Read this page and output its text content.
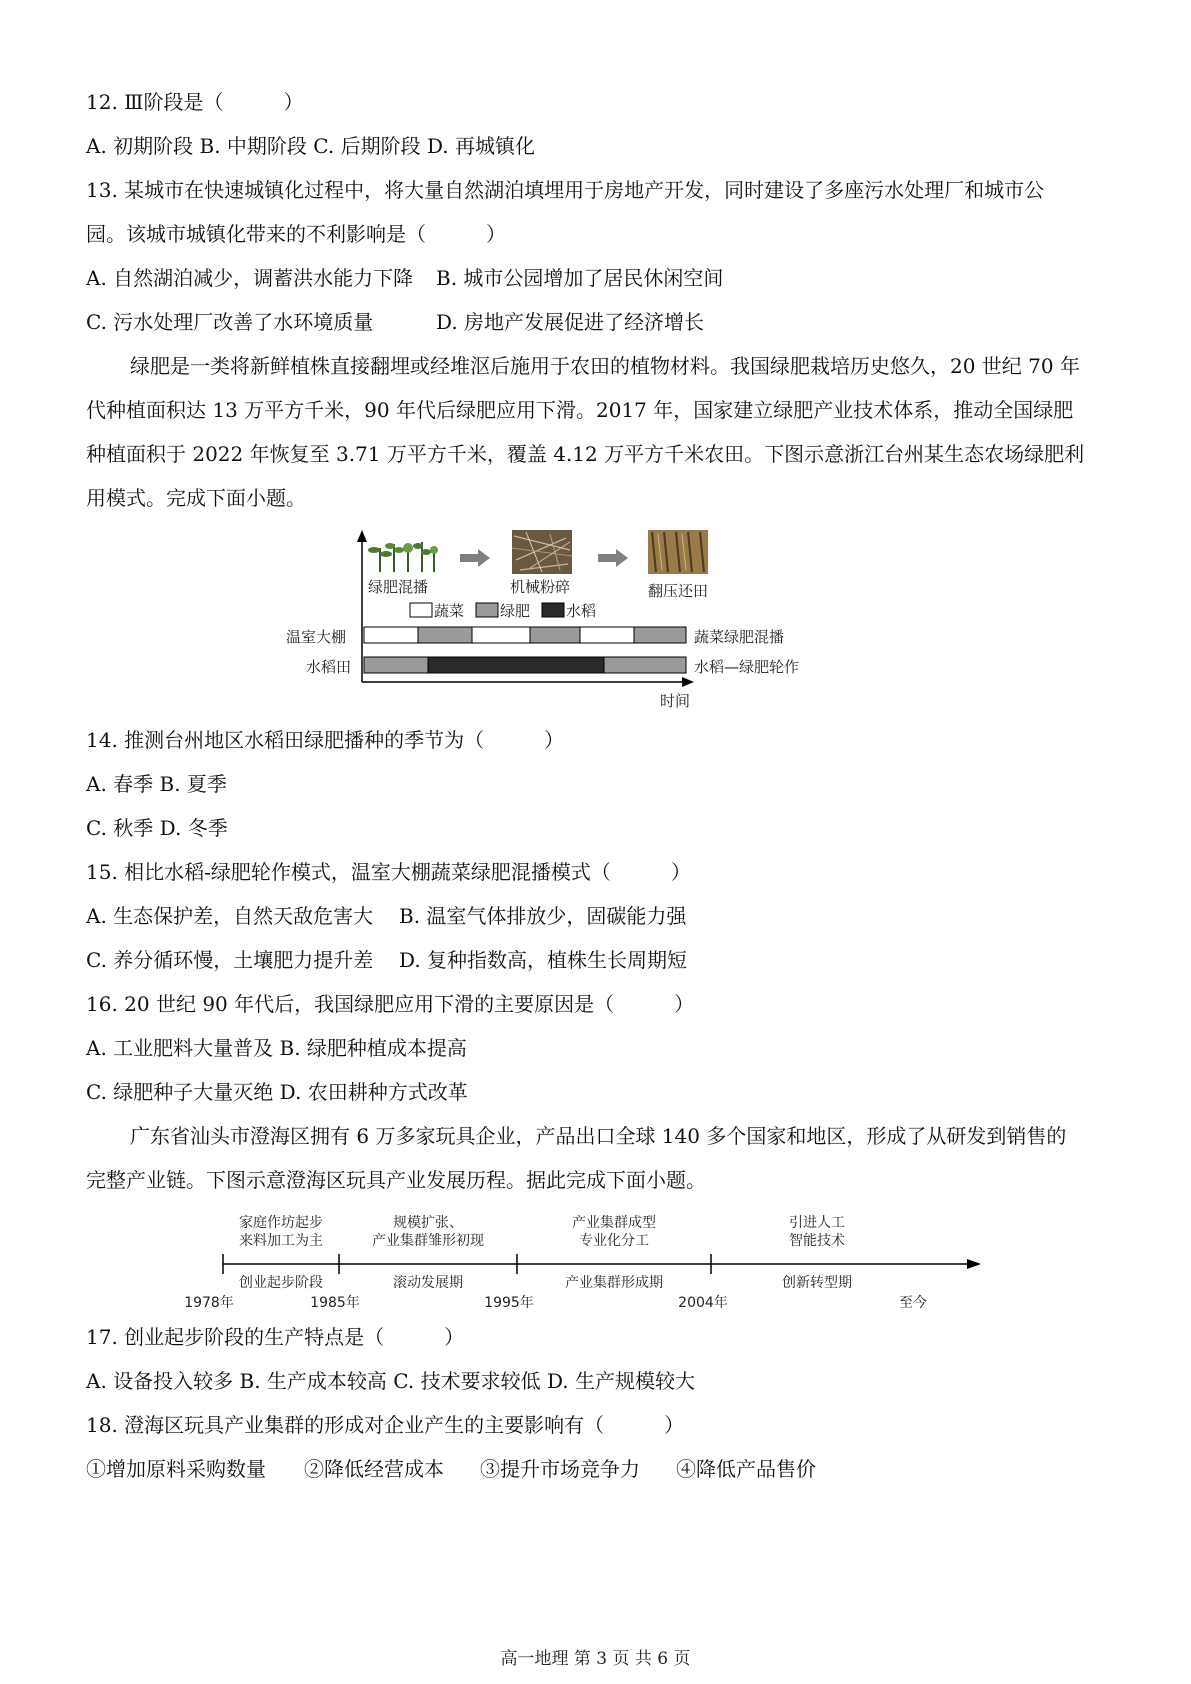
12. Ⅲ阶段是（　　　）
A. 初期阶段 B. 中期阶段 C. 后期阶段 D. 再城镇化
13. 某城市在快速城镇化过程中，将大量自然湖泊填埋用于房地产开发，同时建设了多座污水处理厂和城市公
园。该城市城镇化带来的不利影响是（　　　）
A. 自然湖泊减少，调蓄洪水能力下降 B. 城市公园增加了居民休闲空间
C. 污水处理厂改善了水环境质量	D. 房地产发展促进了经济增长
绿肥是一类将新鲜植株直接翻埋或经堆沤后施用于农田的植物材料。我国绿肥栽培历史悠久，20 世纪 70 年
代种植面积达 13 万平方千米，90 年代后绿肥应用下滑。2017 年，国家建立绿肥产业技术体系，推动全国绿肥
种植面积于 2022 年恢复至 3.71 万平方千米，覆盖 4.12 万平方千米农田。下图示意浙江台州某生态农场绿肥利
用模式。完成下面小题。
绿肥混播	机械粉碎	翻压还田
蔬菜 绿肥 水稻
温室大棚	蔬菜绿肥混播
水稻田	水稻—绿肥轮作
时间
14. 推测台州地区水稻田绿肥播种的季节为（　　　）
A. 春季 B. 夏季
C. 秋季 D. 冬季
15. 相比水稻-绿肥轮作模式，温室大棚蔬菜绿肥混播模式（　　　）
A. 生态保护差，自然天敌危害大 B. 温室气体排放少，固碳能力强
C. 养分循环慢，土壤肥力提升差 D. 复种指数高，植株生长周期短
16. 20 世纪 90 年代后，我国绿肥应用下滑的主要原因是（　　　）
A. 工业肥料大量普及 B. 绿肥种植成本提高
C. 绿肥种子大量灭绝 D. 农田耕种方式改革
广东省汕头市澄海区拥有 6 万多家玩具企业，产品出口全球 140 多个国家和地区，形成了从研发到销售的
完整产业链。下图示意澄海区玩具产业发展历程。据此完成下面小题。
家庭作坊起步
来料加工为主
规模扩张、
产业集群雏形初现
产业集群成型
专业化分工
引进人工
智能技术
创业起步阶段	滚动发展期	产业集群形成期	创新转型期
1978年	1985年	1995年	2004年	至今
17. 创业起步阶段的生产特点是（　　　）
A. 设备投入较多 B. 生产成本较高 C. 技术要求较低 D. 生产规模较大
18. 澄海区玩具产业集群的形成对企业产生的主要影响有（　　　）
①增加原料采购数量 ②降低经营成本 ③提升市场竞争力 ④降低产品售价
高一地理 第 3 页 共 6 页
